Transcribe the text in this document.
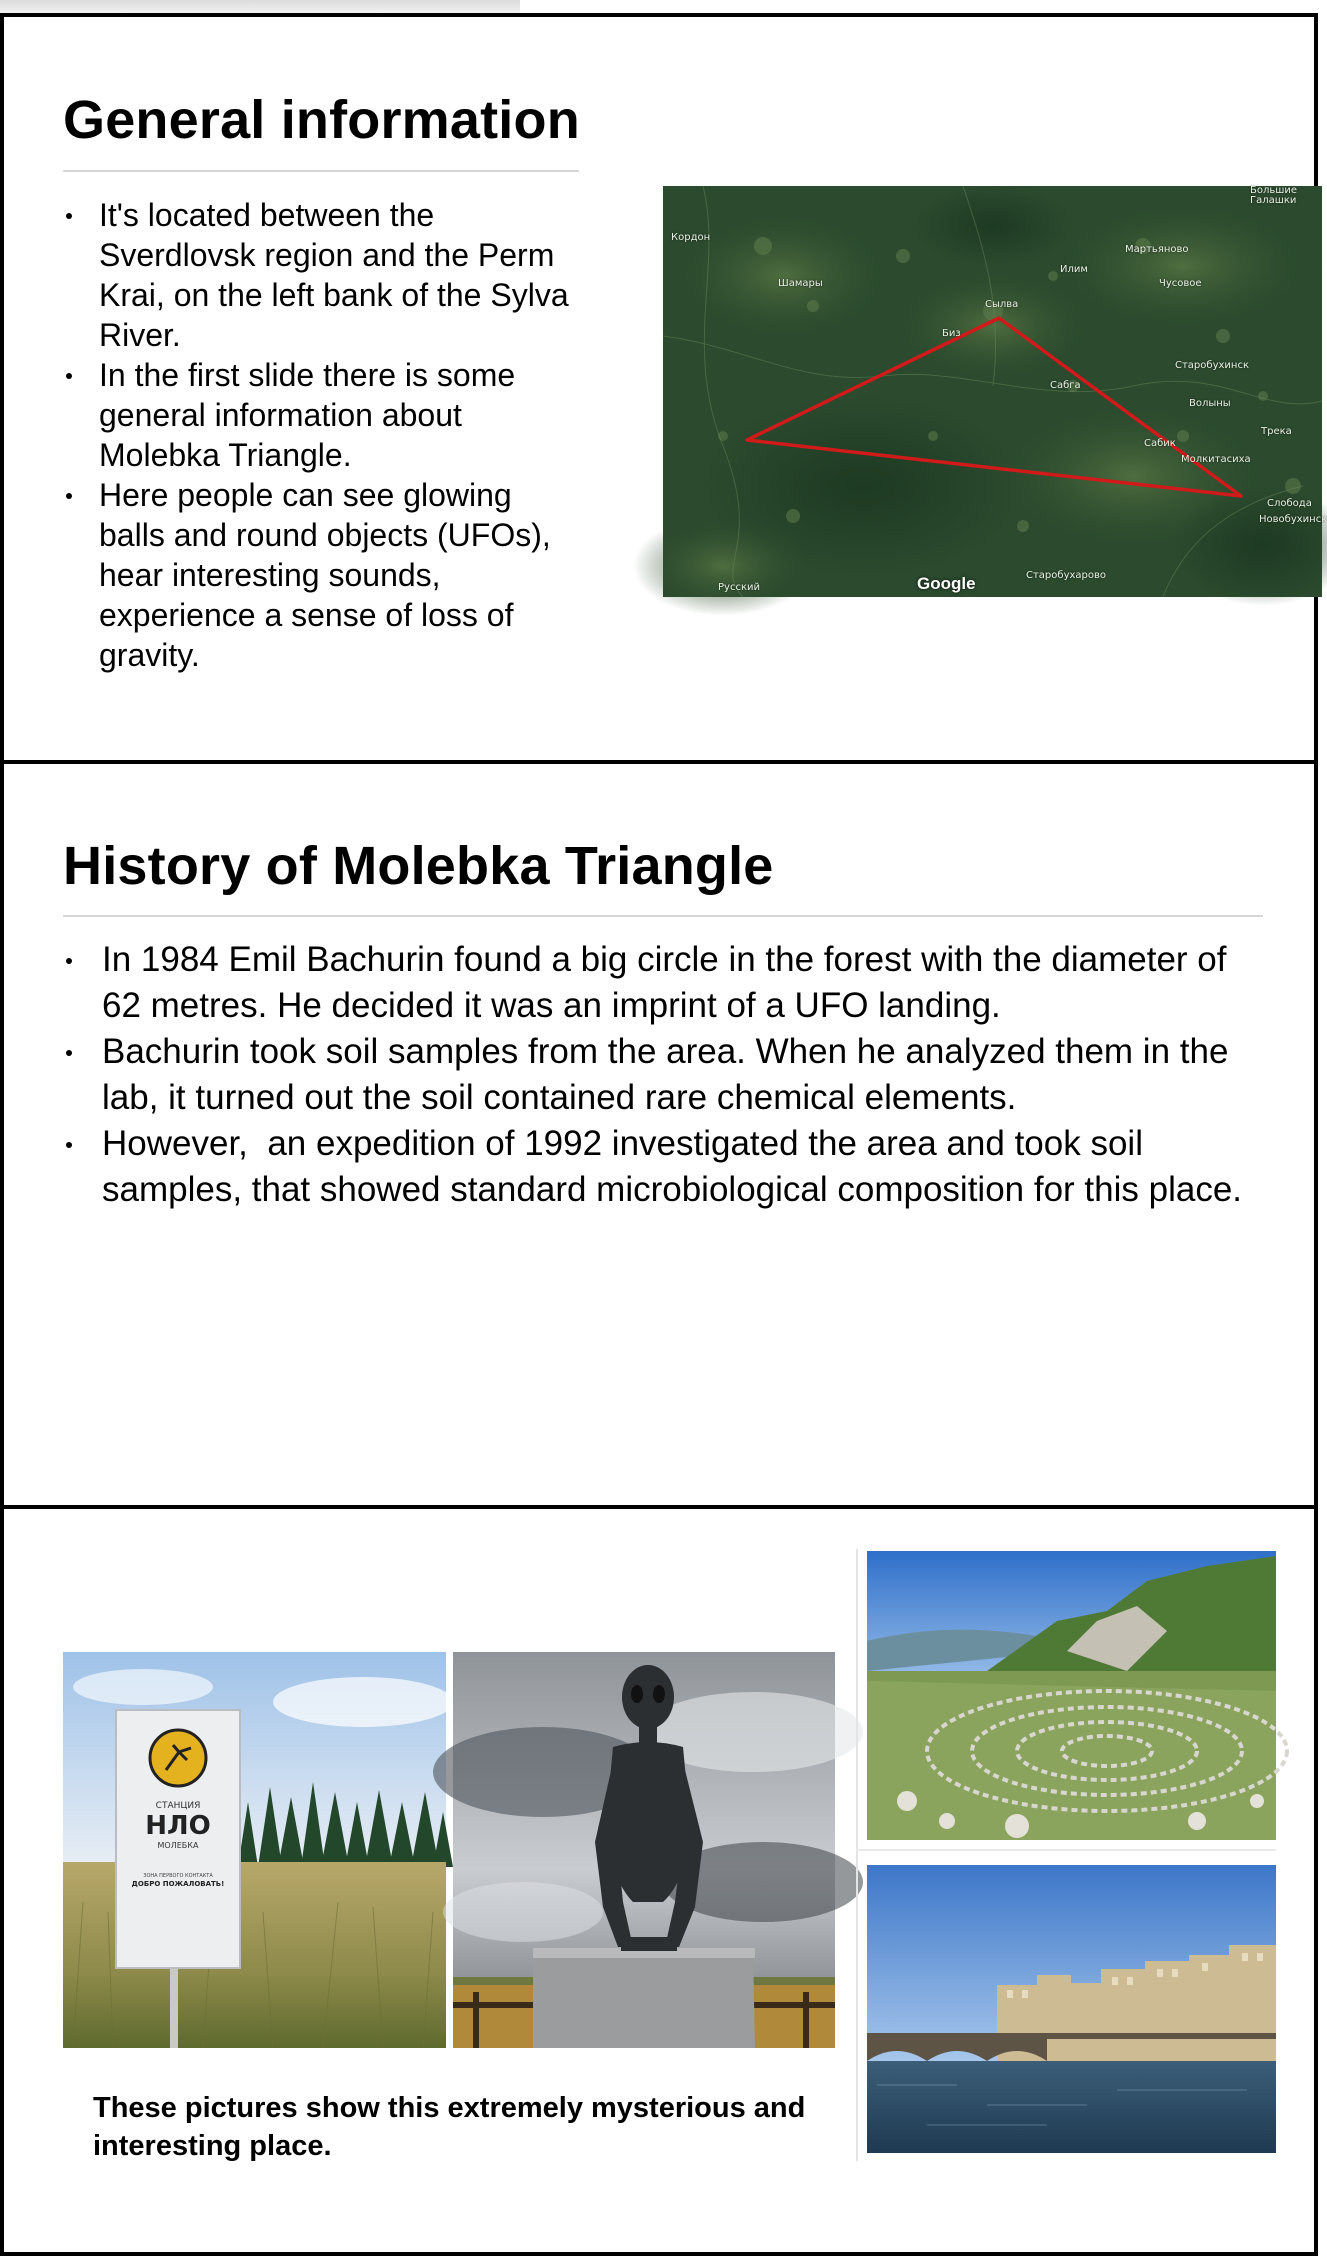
General information
It's located between the Sverdlovsk region and the Perm Krai, on the left bank of the Sylva River.
In the first slide there is some general information about Molebka Triangle.
Here people can see glowing balls and round objects (UFOs), hear interesting sounds, experience a sense of loss of gravity.
Кордон
Шамары
Илим
Мартьяново
Чусовое
Сылва
Биз
Сабга
Старобухинск
Волыны
Сабик
Молкитасиха
Трека
Слобода
Новобухинск
Большие Галашки
Русский
Старобухарово
Google
History of Molebka Triangle
In 1984 Emil Bachurin found a big circle in the forest with the diameter of 62 metres. He decided it was an imprint of a UFO landing.
Bachurin took soil samples from the area. When he analyzed them in the lab, it turned out the soil contained rare chemical elements.
However,  an expedition of 1992 investigated the area and took soil samples, that showed standard microbiological composition for this place.
СТАНЦИЯ
НЛО
МОЛЕБКА
ЗОНА ПЕРВОГО КОНТАКТА
ДОБРО ПОЖАЛОВАТЬ!

These pictures show this extremely mysterious and interesting place.
